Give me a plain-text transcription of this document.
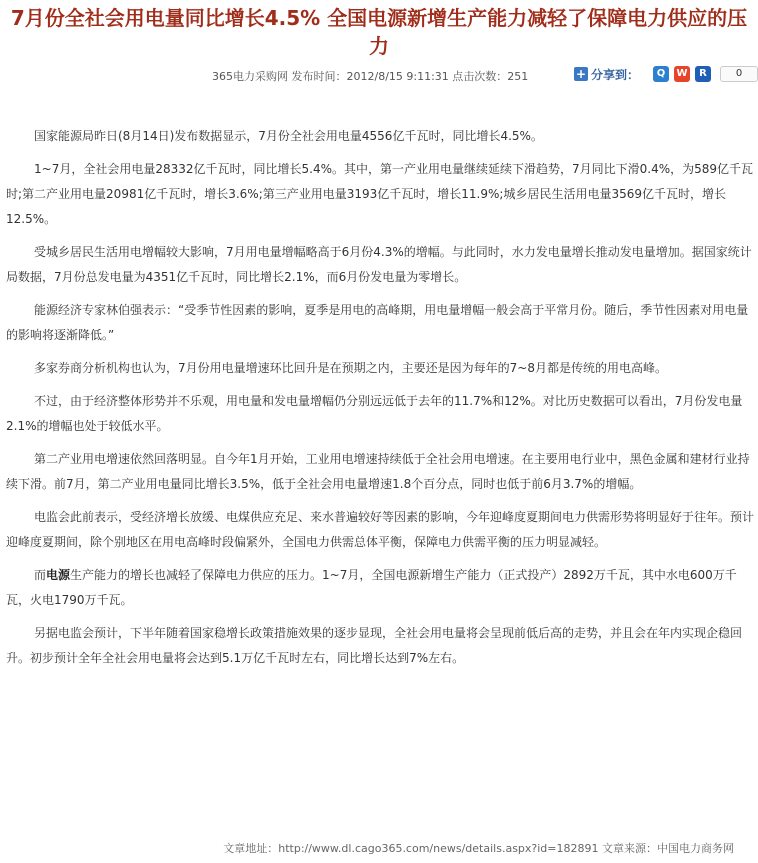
7月份全社会用电量同比增长4.5% 全国电源新增生产能力减轻了保障电力供应的压力
365电力采购网 发布时间：2012/8/15 9:11:31 点击次数：251	+ 分享到：	Q	W	R	0

国家能源局昨日(8月14日)发布数据显示，7月份全社会用电量4556亿千瓦时，同比增长4.5%。

1~7月，全社会用电量28332亿千瓦时，同比增长5.4%。其中，第一产业用电量继续延续下滑趋势，7月同比下滑0.4%，为589亿千瓦时;第二产业用电量20981亿千瓦时，增长3.6%;第三产业用电量3193亿千瓦时，增长11.9%;城乡居民生活用电量3569亿千瓦时，增长12.5%。

受城乡居民生活用电增幅较大影响，7月用电量增幅略高于6月份4.3%的增幅。与此同时，水力发电量增长推动发电量增加。据国家统计局数据，7月份总发电量为4351亿千瓦时，同比增长2.1%，而6月份发电量为零增长。

能源经济专家林伯强表示：“受季节性因素的影响，夏季是用电的高峰期，用电量增幅一般会高于平常月份。随后，季节性因素对用电量的影响将逐渐降低。”

多家券商分析机构也认为，7月份用电量增速环比回升是在预期之内，主要还是因为每年的7~8月都是传统的用电高峰。

不过，由于经济整体形势并不乐观，用电量和发电量增幅仍分别远远低于去年的11.7%和12%。对比历史数据可以看出，7月份发电量2.1%的增幅也处于较低水平。

第二产业用电增速依然回落明显。自今年1月开始，工业用电增速持续低于全社会用电增速。在主要用电行业中，黑色金属和建材行业持续下滑。前7月，第二产业用电量同比增长3.5%，低于全社会用电量增速1.8个百分点，同时也低于前6月3.7%的增幅。

电监会此前表示，受经济增长放缓、电煤供应充足、来水普遍较好等因素的影响，今年迎峰度夏期间电力供需形势将明显好于往年。预计迎峰度夏期间，除个别地区在用电高峰时段偏紧外，全国电力供需总体平衡，保障电力供需平衡的压力明显减轻。

而电源生产能力的增长也减轻了保障电力供应的压力。1~7月，全国电源新增生产能力（正式投产）2892万千瓦，其中水电600万千瓦，火电1790万千瓦。

另据电监会预计，下半年随着国家稳增长政策措施效果的逐步显现，全社会用电量将会呈现前低后高的走势，并且会在年内实现企稳回升。初步预计全年全社会用电量将会达到5.1万亿千瓦时左右，同比增长达到7%左右。

文章地址：http://www.dl.cago365.com/news/details.aspx?id=182891 文章来源：中国电力商务网
